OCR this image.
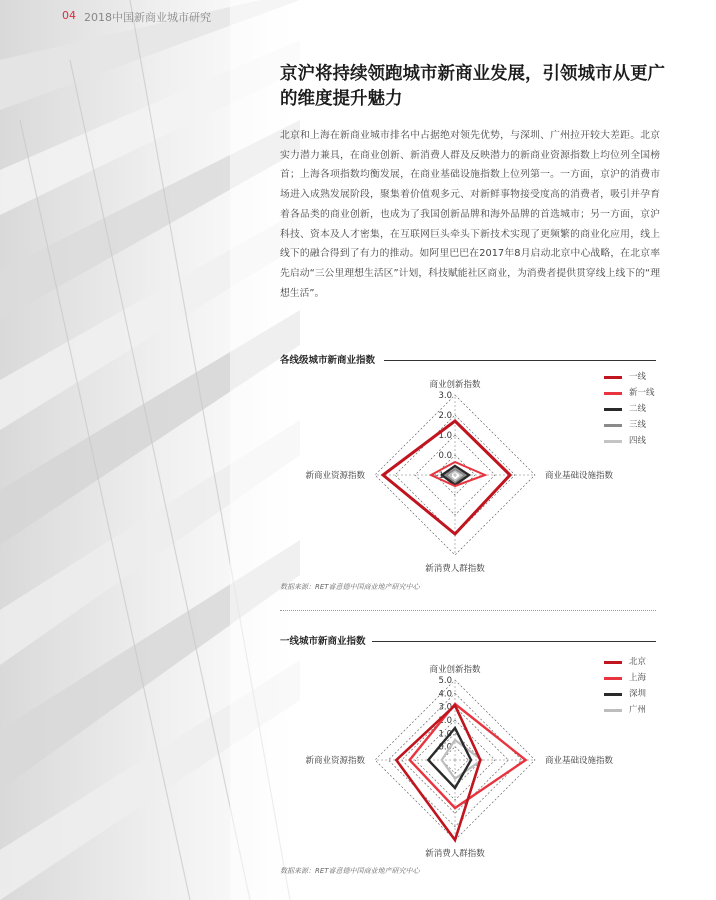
04 2018中国新商业城市研究
京沪将持续领跑城市新商业发展，引领城市从更广的维度提升魅力
北京和上海在新商业城市排名中占据绝对领先优势，与深圳、广州拉开较大差距。北京实力潜力兼具，在商业创新、新消费人群及反映潜力的新商业资源指数上均位列全国榜首；上海各项指数均衡发展，在商业基础设施指数上位列第一。一方面，京沪的消费市场进入成熟发展阶段，聚集着价值观多元、对新鲜事物接受度高的消费者，吸引并孕育着各品类的商业创新，也成为了我国创新品牌和海外品牌的首选城市；另一方面，京沪科技、资本及人才密集，在互联网巨头牵头下新技术实现了更频繁的商业化应用，线上线下的融合得到了有力的推动。如阿里巴巴在2017年8月启动北京中心战略，在北京率先启动“三公里理想生活区”计划，科技赋能社区商业，为消费者提供贯穿线上线下的“理想生活”。
各线级城市新商业指数
3.0
2.0
1.0
0.0
-1.0
商业创新指数
商业基础设施指数
新消费人群指数
新商业资源指数
一线
新一线
二线
三线
四线
数据来源：RET睿意德中国商业地产研究中心
一线城市新商业指数
5.0
4.0
3.0
2.0
1.0
0.0
商业创新指数
商业基础设施指数
新消费人群指数
新商业资源指数
北京
上海
深圳
广州
数据来源：RET睿意德中国商业地产研究中心
